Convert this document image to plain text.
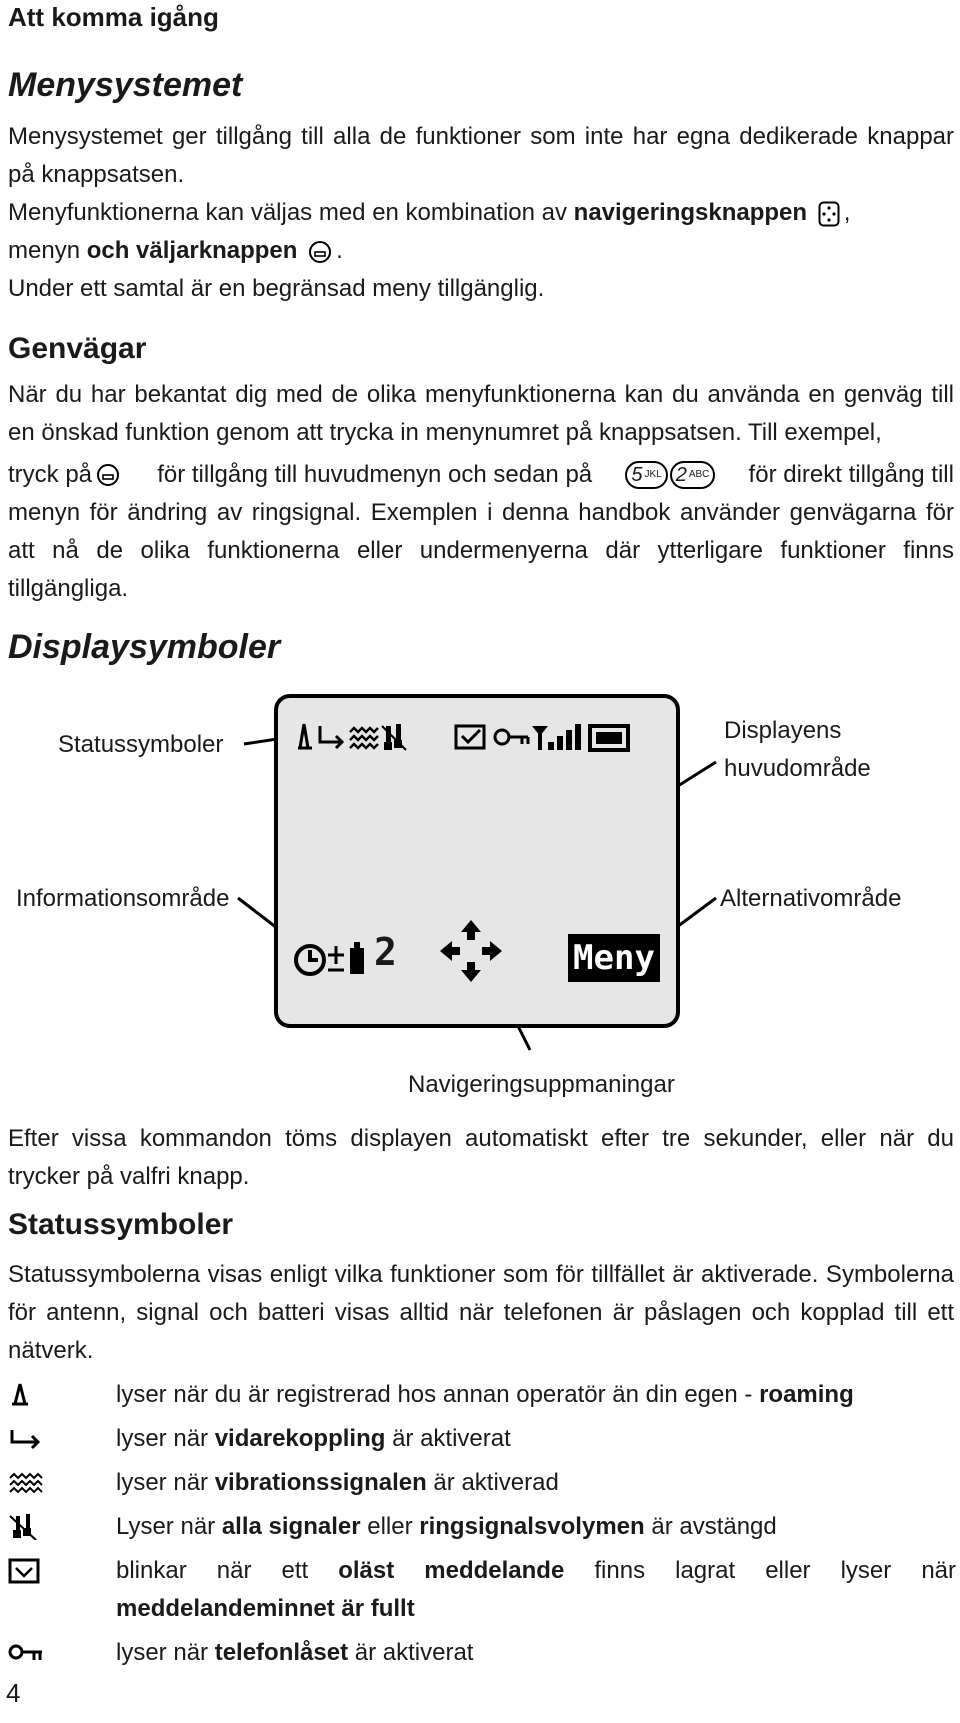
Att komma igång
Menysystemet

Menysystemet ger tillgång till alla de funktioner som inte har egna dedikerade knappar på knappsatsen.

Menyfunktionerna kan väljas med en kombination av navigeringsknappen ,
menyn och väljarknappen .

Under ett samtal är en begränsad meny tillgänglig.

Genvägar

När du har bekantat dig med de olika menyfunktionerna kan du använda en genväg till en önskad funktion genom att trycka in menynumret på knappsatsen. Till exempel,

tryck på	för tillgång till huvudmenyn och sedan på 5 JKL 2 ABC för direkt tillgång till

menyn för ändring av ringsignal. Exemplen i denna handbok använder genvägarna för att nå de olika funktionerna eller undermenyerna där ytterligare funktioner finns tillgängliga.

Displaysymboler
2	Meny
Statussymboler
Displayens
huvudområde
Informationsområde	Alternativområde
Navigeringsuppmaningar

Efter vissa kommandon töms displayen automatiskt efter tre sekunder, eller när du trycker på valfri knapp.

Statussymboler

Statussymbolerna visas enligt vilka funktioner som för tillfället är aktiverade. Symbolerna för antenn, signal och batteri visas alltid när telefonen är påslagen och kopplad till ett nätverk.

lyser när du är registrerad hos annan operatör än din egen - roaming
lyser när vidarekoppling är aktiverat
lyser när vibrationssignalen är aktiverad
Lyser när alla signaler eller ringsignalsvolymen är avstängd
blinkar när ett oläst meddelande finns lagrat eller lyser när meddelandeminnet är fullt
lyser när telefonlåset är aktiverat
4
